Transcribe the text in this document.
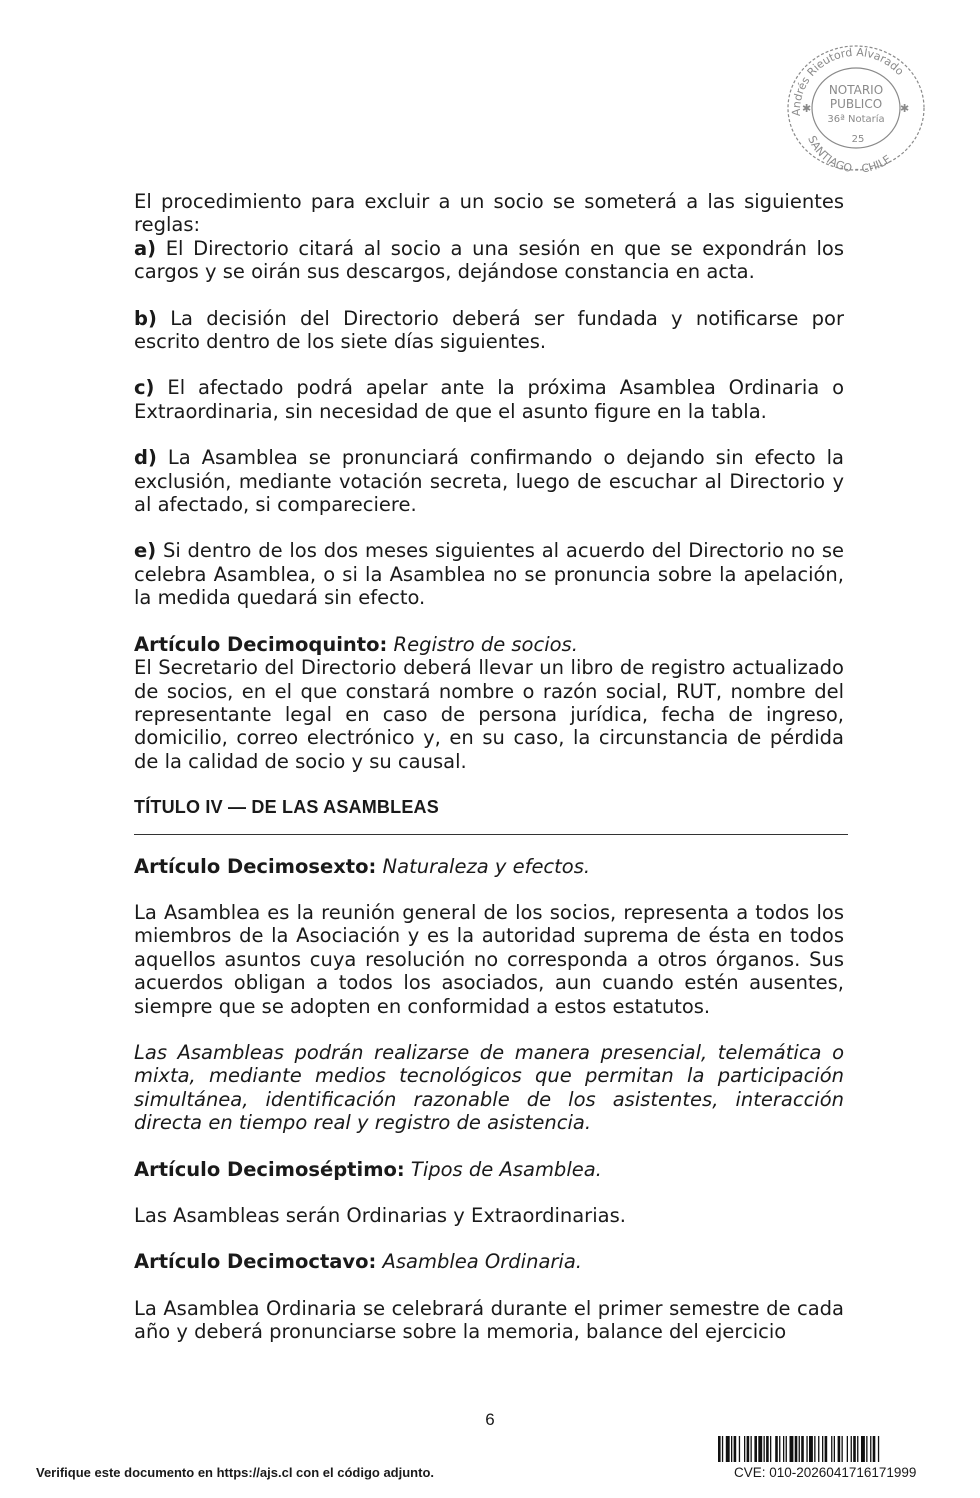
Andrés Rieutord Alvarado
NOTARIO
PUBLICO
36ª Notaría
25
SANTIAGO - CHILE
✱	✱

El procedimiento para excluir a un socio se someterá a las siguientes reglas:

a) El Directorio citará al socio a una sesión en que se expondrán los cargos y se oirán sus descargos, dejándose constancia en acta.

b) La decisión del Directorio deberá ser fundada y notificarse por escrito dentro de los siete días siguientes.

c) El afectado podrá apelar ante la próxima Asamblea Ordinaria o Extraordinaria, sin necesidad de que el asunto figure en la tabla.

d) La Asamblea se pronunciará confirmando o dejando sin efecto la exclusión, mediante votación secreta, luego de escuchar al Directorio y al afectado, si compareciere.

e) Si dentro de los dos meses siguientes al acuerdo del Directorio no se celebra Asamblea, o si la Asamblea no se pronuncia sobre la apelación, la medida quedará sin efecto.

Artículo Decimoquinto: Registro de socios.

El Secretario del Directorio deberá llevar un libro de registro actualizado de socios, en el que constará nombre o razón social, RUT, nombre del representante legal en caso de persona jurídica, fecha de ingreso, domicilio, correo electrónico y, en su caso, la circunstancia de pérdida de la calidad de socio y su causal.

TÍTULO IV — DE LAS ASAMBLEAS

Artículo Decimosexto: Naturaleza y efectos.

La Asamblea es la reunión general de los socios, representa a todos los miembros de la Asociación y es la autoridad suprema de ésta en todos aquellos asuntos cuya resolución no corresponda a otros órganos. Sus acuerdos obligan a todos los asociados, aun cuando estén ausentes, siempre que se adopten en conformidad a estos estatutos.

Las Asambleas podrán realizarse de manera presencial, telemática o mixta, mediante medios tecnológicos que permitan la participación simultánea, identificación razonable de los asistentes, interacción directa en tiempo real y registro de asistencia.

Artículo Decimoséptimo: Tipos de Asamblea.

Las Asambleas serán Ordinarias y Extraordinarias.

Artículo Decimoctavo: Asamblea Ordinaria.

La Asamblea Ordinaria se celebrará durante el primer semestre de cada año y deberá pronunciarse sobre la memoria, balance del ejercicio

6
Verifique este documento en https://ajs.cl con el código adjunto.	CVE: 010-2026041716171999
